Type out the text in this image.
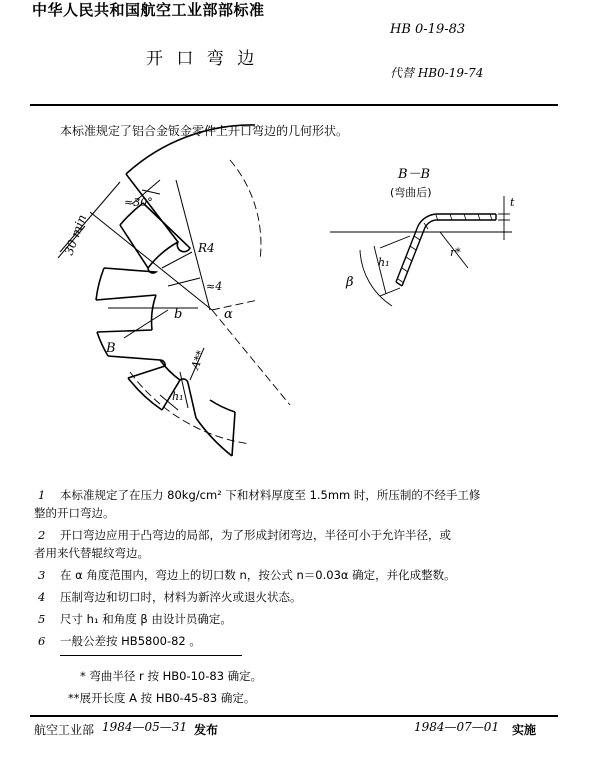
中华人民共和国航空工业部部标准
HB 0-19-83
开 口 弯 边
代替 HB0-19-74
本标准规定了铝合金钣金零件上开口弯边的几何形状。
30 min
≈30°
R4
≈4
b
B
α
A**
h₁
B－B
(弯曲后)
t
h₁
r*
β
1	本标准规定了在压力 80kg/cm² 下和材料厚度至 1.5mm 时，所压制的不经手工修
整的开口弯边。
2	开口弯边应用于凸弯边的局部，为了形成封闭弯边，半径可小于允许半径，或
者用来代替辊纹弯边。
3	在 α 角度范围内，弯边上的切口数 n，按公式 n＝0.03α 确定，并化成整数。
4	压制弯边和切口时，材料为新淬火或退火状态。
5	尺寸 h₁ 和角度 β 由设计员确定。
6	一般公差按 HB5800-82 。
* 弯曲半径 r 按 HB0-10-83 确定。
**展开长度 A 按 HB0-45-83 确定。
航空工业部 1984—05—31 发布	1984—07—01 实施
